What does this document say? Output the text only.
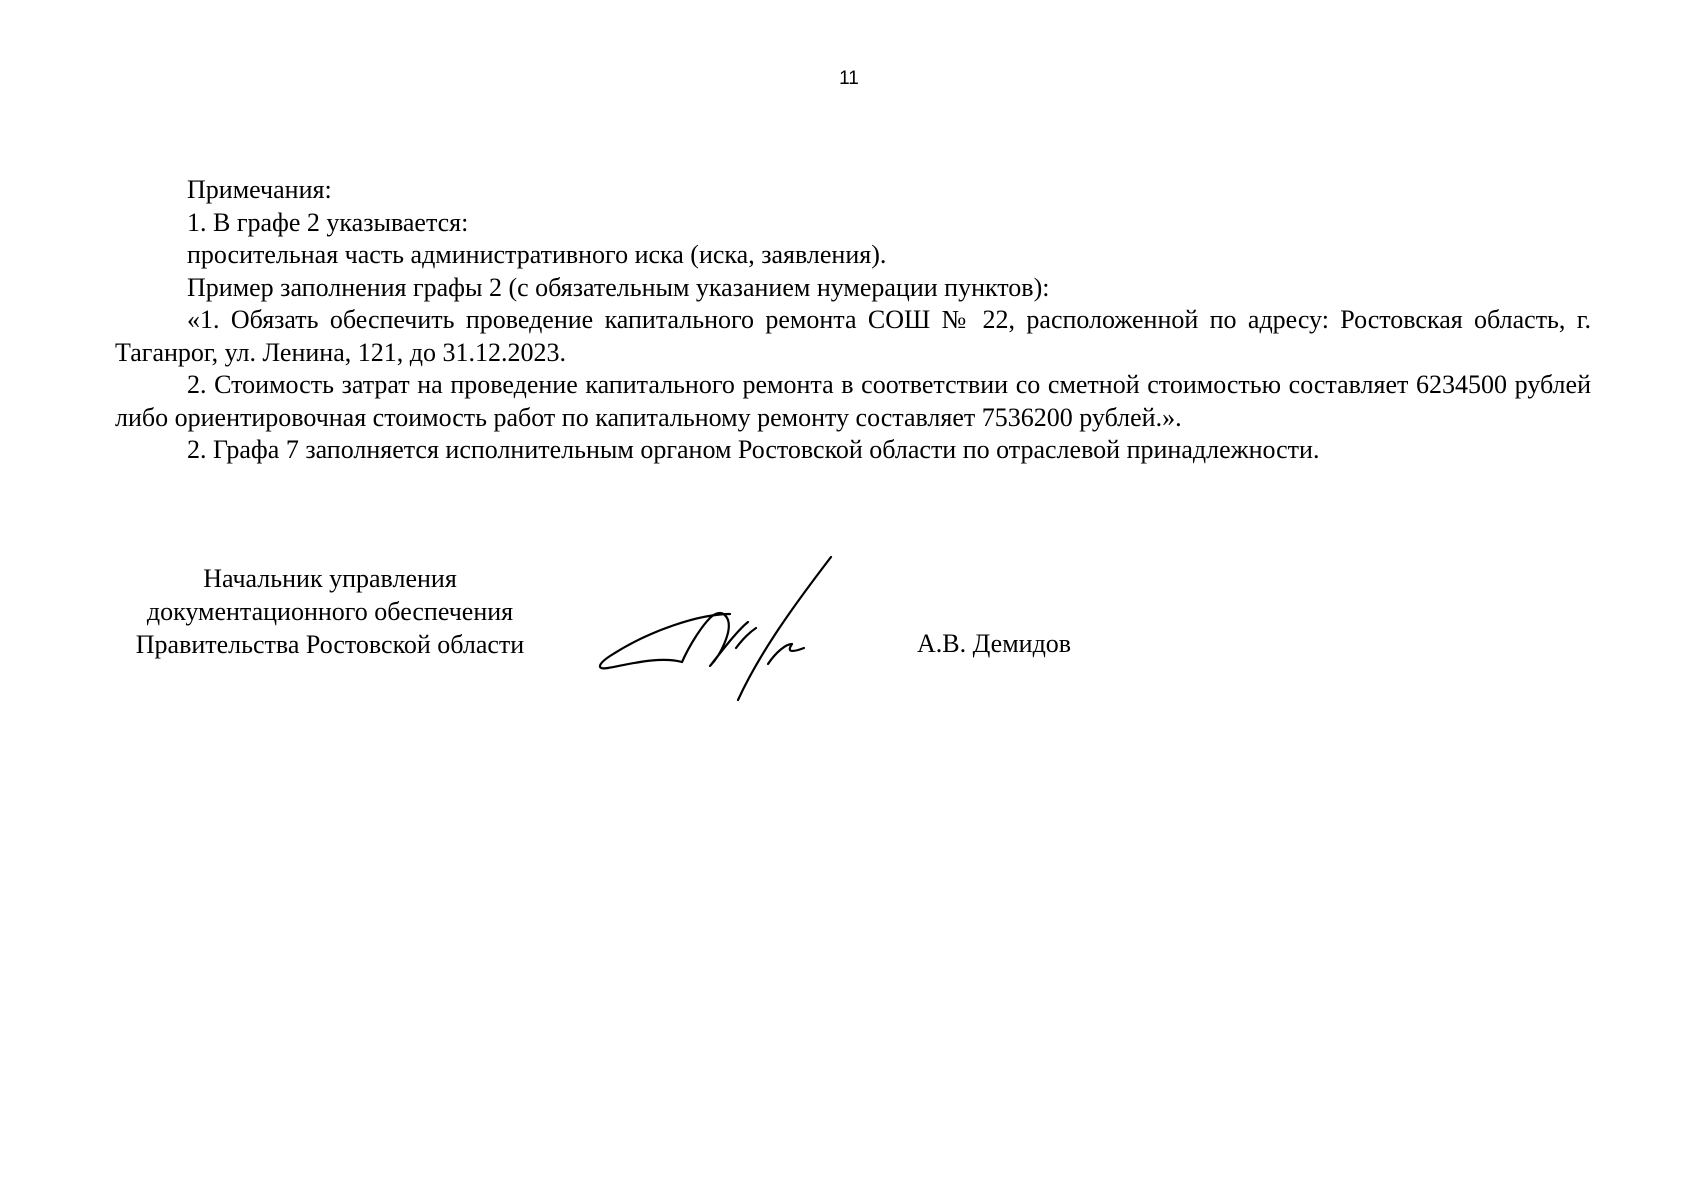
11

Примечания:

1. В графе 2 указывается:

просительная часть административного иска (иска, заявления).

Пример заполнения графы 2 (с обязательным указанием нумерации пунктов):

«1. Обязать обеспечить проведение капитального ремонта СОШ № 22, расположенной по адресу: Ростовская область, г. Таганрог, ул. Ленина, 121, до 31.12.2023.

2. Стоимость затрат на проведение капитального ремонта в соответствии со сметной стоимостью составляет 6234500 рублей либо ориентировочная стоимость работ по капитальному ремонту составляет 7536200 рублей.».

2. Графа 7 заполняется исполнительным органом Ростовской области по отраслевой принадлежности.

Начальник управления
документационного обеспечения
Правительства Ростовской области	А.В. Демидов
